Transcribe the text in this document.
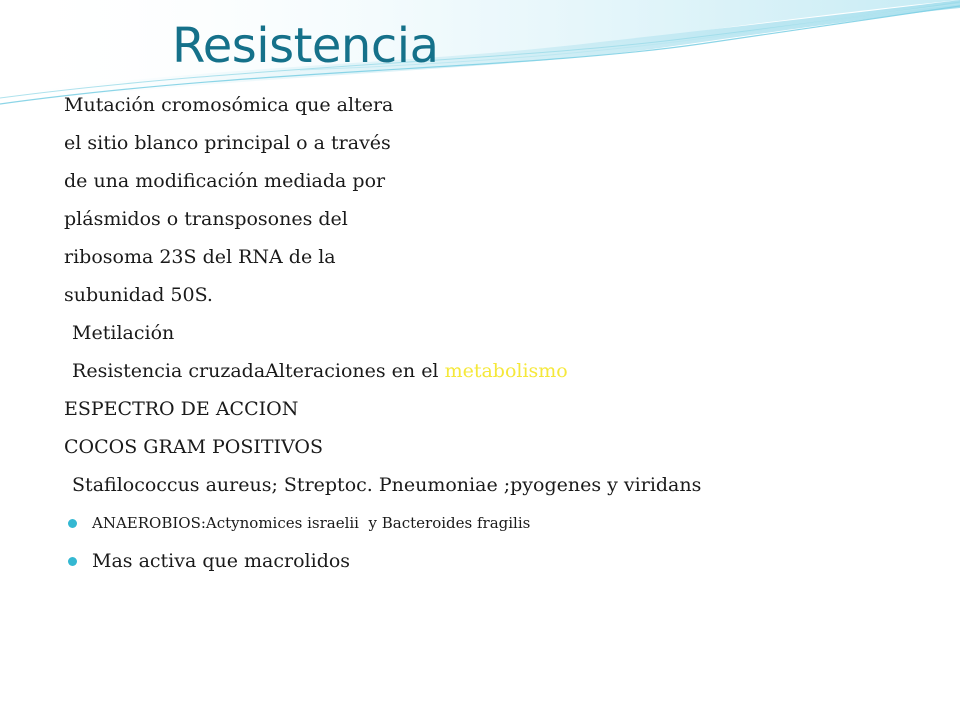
Resistencia
Mutación cromosómica que altera
el sitio blanco principal o a través
de una modificación mediada por
plásmidos o transposones del
ribosoma 23S del RNA de la
subunidad 50S.
Metilación
Resistencia cruzadaAlteraciones en el metabolismo
ESPECTRO DE ACCION
COCOS GRAM POSITIVOS
Stafilococcus aureus; Streptoc. Pneumoniae ;pyogenes y viridans
ANAEROBIOS:Actynomices israelii  y Bacteroides fragilis
Mas activa que macrolidos
